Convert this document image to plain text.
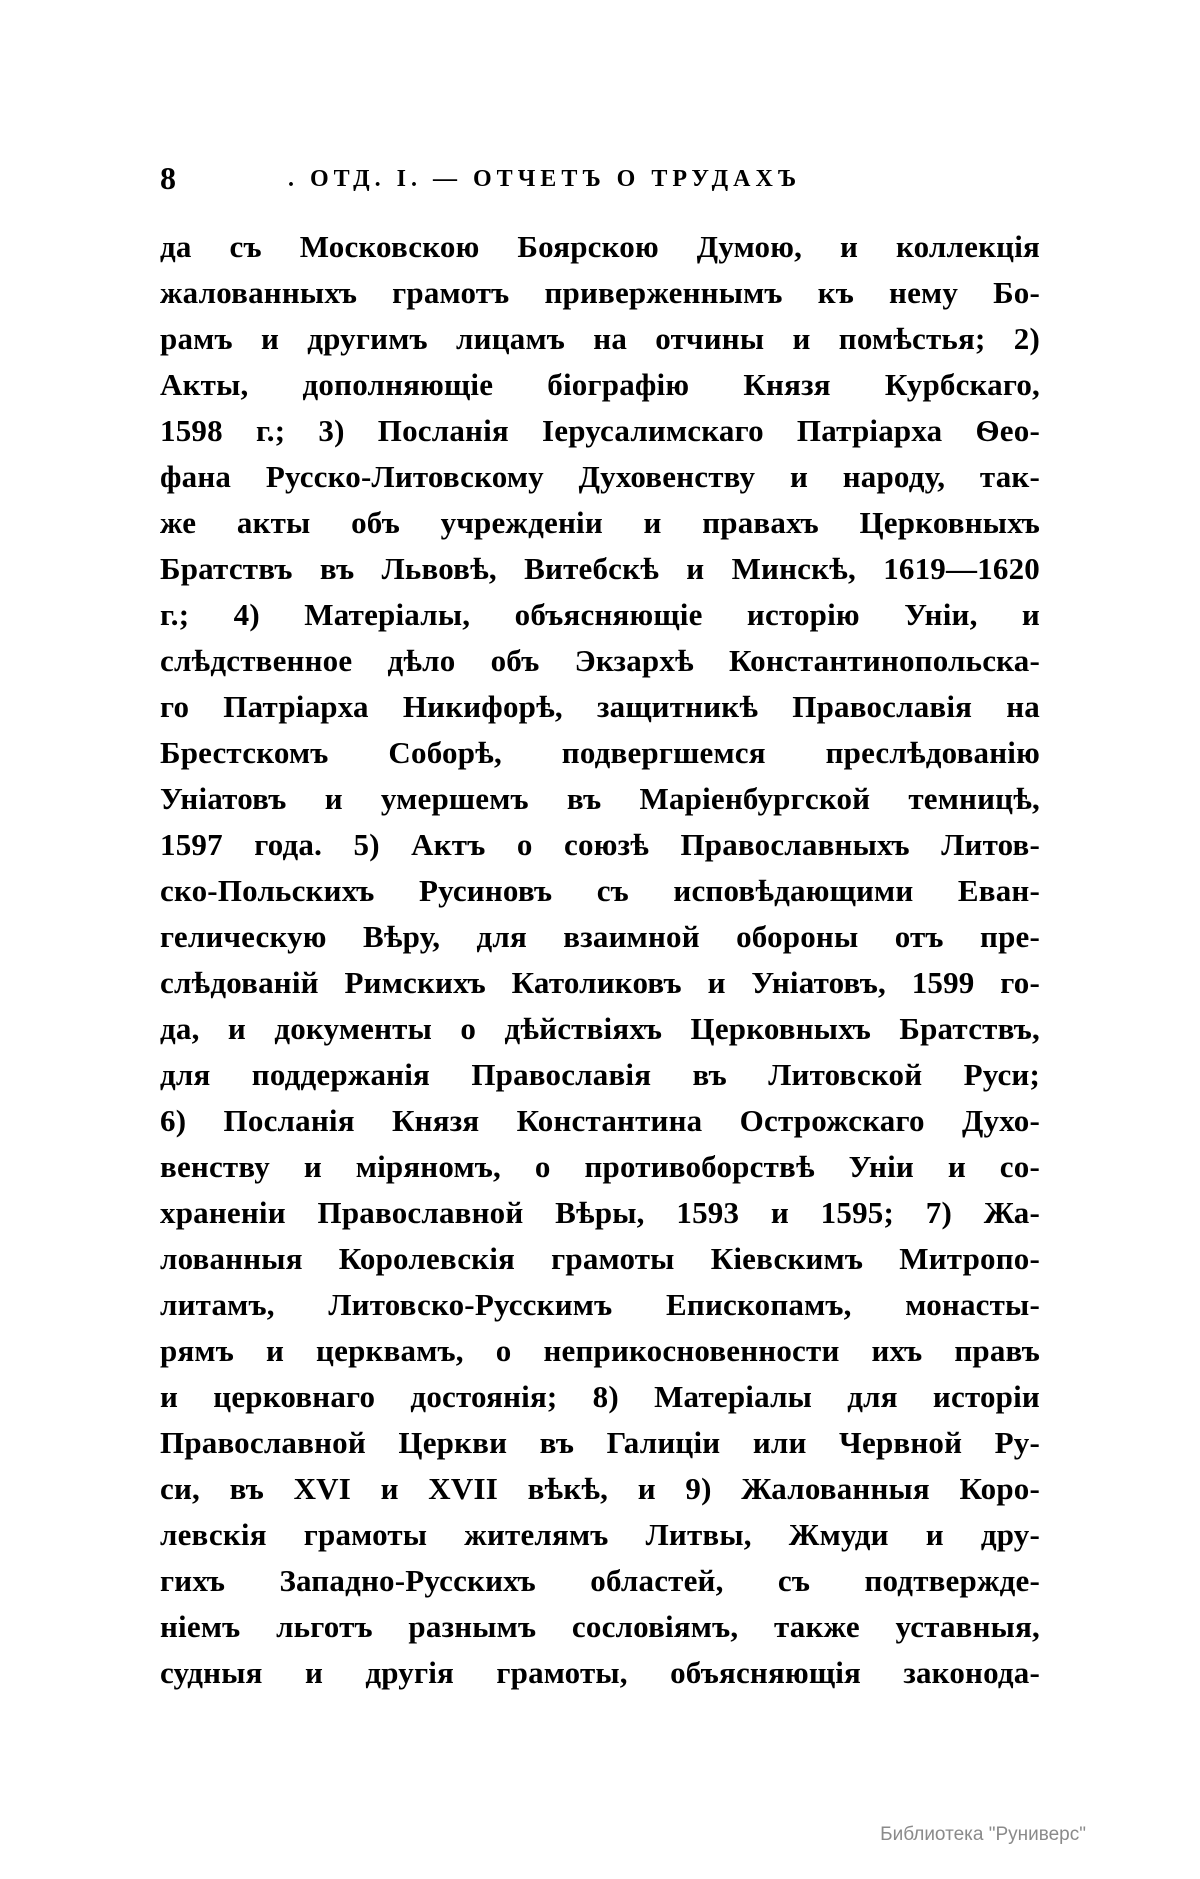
8	. ОТД. I. — ОТЧЕТЪ О ТРУДАХЪ
да съ Московскою Боярскою Думою, и коллекція
жалованныхъ грамотъ приверженнымъ къ нему Бо-
рамъ и другимъ лицамъ на отчины и помѣстья; 2)
Акты, дополняющіе біографію Князя Курбскаго,
1598 г.; 3) Посланія Іерусалимскаго Патріарха Ѳео-
фана Русско-Литовскому Духовенству и народу, так-
же акты объ учрежденіи и правахъ Церковныхъ
Братствъ въ Львовѣ, Витебскѣ и Минскѣ, 1619—1620
г.; 4) Матеріалы, объясняющіе исторію Уніи, и
слѣдственное дѣло объ Экзархѣ Константинопольска-
го Патріарха Никифорѣ, защитникѣ Православія на
Брестскомъ Соборѣ, подвергшемся преслѣдованію
Уніатовъ и умершемъ въ Маріенбургской темницѣ,
1597 года. 5) Актъ о союзѣ Православныхъ Литов-
ско-Польскихъ Русиновъ съ исповѣдающими Еван-
гелическую Вѣру, для взаимной обороны отъ пре-
слѣдованій Римскихъ Католиковъ и Уніатовъ, 1599 го-
да, и документы о дѣйствіяхъ Церковныхъ Братствъ,
для поддержанія Православія въ Литовской Руси;
6) Посланія Князя Константина Острожскаго Духо-
венству и міряномъ, о противоборствѣ Уніи и со-
храненіи Православной Вѣры, 1593 и 1595; 7) Жа-
лованныя Королевскія грамоты Кіевскимъ Митропо-
литамъ, Литовско-Русскимъ Епископамъ, монасты-
рямъ и церквамъ, о неприкосновенности ихъ правъ
и церковнаго достоянія; 8) Матеріалы для исторіи
Православной Церкви въ Галиціи или Червной Ру-
си, въ XVI и XVII вѣкѣ, и 9) Жалованныя Коро-
левскія грамоты жителямъ Литвы, Жмуди и дру-
гихъ Западно-Русскихъ областей, съ подтвержде-
ніемъ льготъ разнымъ сословіямъ, также уставныя,
судныя и другія грамоты, объясняющія законода-
Библиотека "Руниверс"
